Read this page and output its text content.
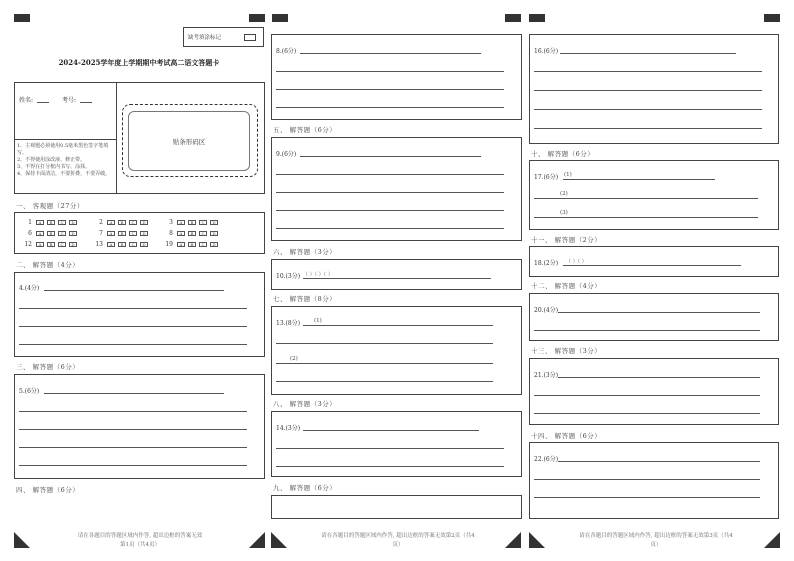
缺考填涂标记
2024-2025学年度上学期期中考试高二语文答题卡
姓名:	考号:
1、主观题必须使用0.5毫米黑色签字笔填写。
2、不得使用涂改液、修正带。
3、不得在打分框内书写、涂抹。
4、保持卡面清洁，不要折叠，不要弄破。
贴条形码区
一、 客观题（27分）
1	A	B	C	D	2	A	B	C	D	3	A	B	C	D
6	A	B	C	D	7	A	B	C	D	8	A	B	C	D
12	A	B	C	D	13	A	B	C	D	19	A	B	C	D
二、 解答题（4分）
4.(4分)
三、 解答题（6分）
5.(6分)
四、 解答题（6分）
请在各题目的答题区域内作答, 超出边框的答案无效
第1页（共4页）
8.(6分)
五、 解答题（6分）
9.(6分)
六、 解答题（3分）
10.(3分) （ ）（ ）（ ）
七、 解答题（8分）
13.(8分)	(1)
(2)
八、 解答题（3分）
14.(3分)
九、 解答题（6分）
请在各题目的答题区域内作答, 超出边框的答案无效第2页（共4
页）
16.(6分)
十、 解答题（6分）
17.(6分) (1)
(2)
(3)
十一、 解答题（2分）
18.(2分) （ ）（ ）
十二、 解答题（4分）
20.(4分)
十三、 解答题（3分）
21.(3分)
十四、 解答题（6分）
22.(6分)
请在各题目的答题区域内作答, 超出边框的答案无效第3页（共4
页）
